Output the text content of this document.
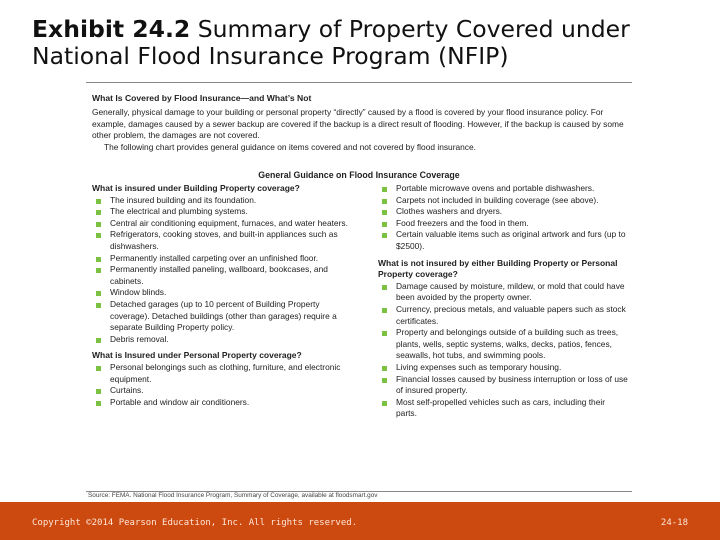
Exhibit 24.2 Summary of Property Covered under National Flood Insurance Program (NFIP)
What Is Covered by Flood Insurance—and What’s Not

Generally, physical damage to your building or personal property “directly” caused by a flood is covered by your flood insurance policy. For example, damages caused by a sewer backup are covered if the backup is a direct result of flooding. However, if the backup is caused by some other problem, the damages are not covered.

The following chart provides general guidance on items covered and not covered by flood insurance.

General Guidance on Flood Insurance Coverage
What is insured under Building Property coverage?
The insured building and its foundation.
The electrical and plumbing systems.
Central air conditioning equipment, furnaces, and water heaters.
Refrigerators, cooking stoves, and built-in appliances such as dishwashers.
Permanently installed carpeting over an unfinished floor.
Permanently installed paneling, wallboard, bookcases, and cabinets.
Window blinds.
Detached garages (up to 10 percent of Building Property coverage). Detached buildings (other than garages) require a separate Building Property policy.
Debris removal.
What is Insured under Personal Property coverage?
Personal belongings such as clothing, furniture, and electronic equipment.
Curtains.
Portable and window air conditioners.
Portable microwave ovens and portable dishwashers.
Carpets not included in building coverage (see above).
Clothes washers and dryers.
Food freezers and the food in them.
Certain valuable items such as original artwork and furs (up to $2500).
What is not insured by either Building Property or Personal Property coverage?
Damage caused by moisture, mildew, or mold that could have been avoided by the property owner.
Currency, precious metals, and valuable papers such as stock certificates.
Property and belongings outside of a building such as trees, plants, wells, septic systems, walks, decks, patios, fences, seawalls, hot tubs, and swimming pools.
Living expenses such as temporary housing.
Financial losses caused by business interruption or loss of use of insured property.
Most self-propelled vehicles such as cars, including their parts.
Source: FEMA. National Flood Insurance Program, Summary of Coverage, available at floodsmart.gov
Copyright ©2014 Pearson Education, Inc. All rights reserved.	24-18
